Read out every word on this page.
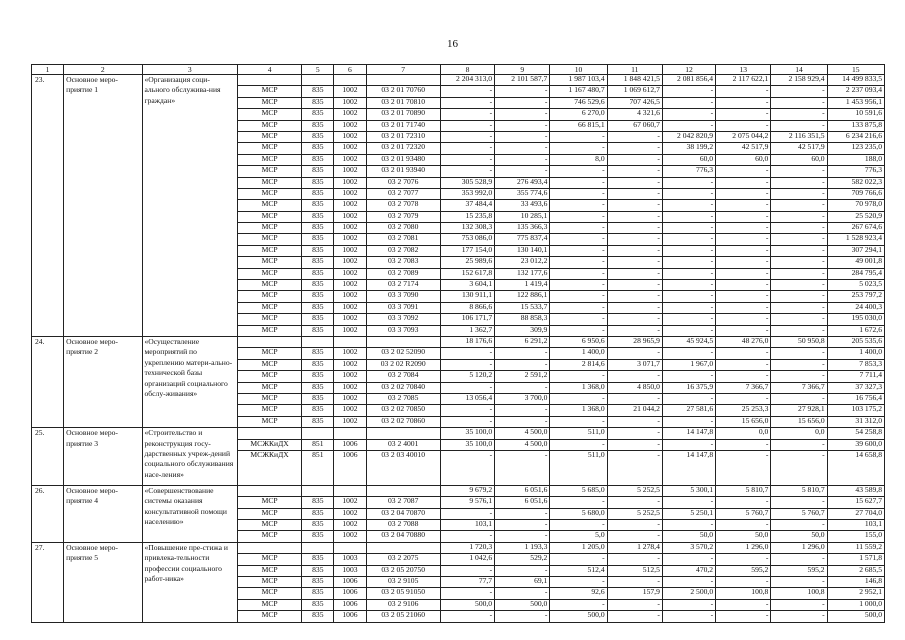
16
1	2	3	4	5	6	7	8	9	10	11	12	13	14	15
23.	Основное меро-приятие 1	«Организация соци-ального обслужива-ния граждан»					2 204 313,0	2 101 587,7	1 987 103,4	1 848 421,5	2 081 856,4	2 117 622,1	2 158 929,4	14 499 833,5
			МСР	835	1002	03 2 01 70760	-	-	1 167 480,7	1 069 612,7	-	-	-	2 237 093,4
			МСР	835	1002	03 2 01 70810	-	-	746 529,6	707 426,5	-	-	-	1 453 956,1
			МСР	835	1002	03 2 01 70890	-	-	6 270,0	4 321,6	-	-	-	10 591,6
			МСР	835	1002	03 2 01 71740	-	-	66 815,1	67 060,7	-	-	-	133 875,8
			МСР	835	1002	03 2 01 72310	-	-	-	-	2 042 820,9	2 075 044,2	2 116 351,5	6 234 216,6
			МСР	835	1002	03 2 01 72320	-	-	-	-	38 199,2	42 517,9	42 517,9	123 235,0
			МСР	835	1002	03 2 01 93480	-	-	8,0	-	60,0	60,0	60,0	188,0
			МСР	835	1002	03 2 01 93940	-	-	-	-	776,3	-	-	776,3
			МСР	835	1002	03 2 7076	305 528,9	276 493,4	-	-	-	-	-	582 022,3
			МСР	835	1002	03 2 7077	353 992,0	355 774,6	-	-	-	-	-	709 766,6
			МСР	835	1002	03 2 7078	37 484,4	33 493,6	-	-	-	-	-	70 978,0
			МСР	835	1002	03 2 7079	15 235,8	10 285,1	-	-	-	-	-	25 520,9
			МСР	835	1002	03 2 7080	132 308,3	135 366,3	-	-	-	-	-	267 674,6
			МСР	835	1002	03 2 7081	753 086,0	775 837,4	-	-	-	-	-	1 528 923,4
			МСР	835	1002	03 2 7082	177 154,0	130 140,1	-	-	-	-	-	307 294,1
			МСР	835	1002	03 2 7083	25 989,6	23 012,2	-	-	-	-	-	49 001,8
			МСР	835	1002	03 2 7089	152 617,8	132 177,6	-	-	-	-	-	284 795,4
			МСР	835	1002	03 2 7174	3 604,1	1 419,4	-	-	-	-	-	5 023,5
			МСР	835	1002	03 3 7090	130 911,1	122 886,1	-	-	-	-	-	253 797,2
			МСР	835	1002	03 3 7091	8 866,6	15 533,7	-	-	-	-	-	24 400,3
			МСР	835	1002	03 3 7092	106 171,7	88 858,3	-	-	-	-	-	195 030,0
			МСР	835	1002	03 3 7093	1 362,7	309,9	-	-	-	-	-	1 672,6
24.	Основное меро-приятие 2	«Осуществление мероприятий по укреплению матери-ально-технической базы организаций социального обслу-живания»					18 176,6	6 291,2	6 950,6	28 965,9	45 924,5	48 276,0	50 950,8	205 535,6
			МСР	835	1002	03 2 02 52090	-	-	1 400,0	-	-	-	-	1 400,0
			МСР	835	1002	03 2 02 R2090	-	-	2 814,6	3 071,7	1 967,0	-	-	7 853,3
			МСР	835	1002	03 2 7084	5 120,2	2 591,2	-	-	-	-	-	7 711,4
			МСР	835	1002	03 2 02 70840	-	-	1 368,0	4 850,0	16 375,9	7 366,7	7 366,7	37 327,3
			МСР	835	1002	03 2 7085	13 056,4	3 700,0	-	-	-	-	-	16 756,4
			МСР	835	1002	03 2 02 70850	-	-	1 368,0	21 044,2	27 581,6	25 253,3	27 928,1	103 175,2
			МСР	835	1002	03 2 02 70860	-	-	-	-	-	15 656,0	15 656,0	31 312,0
25.	Основное меро-приятие 3	«Строительство и реконструкция госу-дарственных учреж-дений социального обслуживания насе-ления»					35 100,0	4 500,0	511,0	-	14 147,8	0,0	0,0	54 258,8
			МСЖКиДХ	851	1006	03 2 4001	35 100,0	4 500,0	-	-	-	-	-	39 600,0
			МСЖКиДХ	851	1006	03 2 03 40010	-	-	511,0	-	14 147,8	-	-	14 658,8
26.	Основное меро-приятие 4	«Совершенствование системы оказания консультативной помощи населению»					9 679,2	6 051,6	5 685,0	5 252,5	5 300,1	5 810,7	5 810,7	43 589,8
			МСР	835	1002	03 2 7087	9 576,1	6 051,6	-	-	-	-	-	15 627,7
			МСР	835	1002	03 2 04 70870	-	-	5 680,0	5 252,5	5 250,1	5 760,7	5 760,7	27 704,0
			МСР	835	1002	03 2 7088	103,1	-	-	-	-	-	-	103,1
			МСР	835	1002	03 2 04 70880	-	-	5,0	-	50,0	50,0	50,0	155,0
27.	Основное меро-приятие 5	«Повышение пре-стижа и привлека-тельности профессии социального работ-ника»					1 720,3	1 193,3	1 205,0	1 278,4	3 570,2	1 296,0	1 296,0	11 559,2
			МСР	835	1003	03 2 2075	1 042,6	529,2	-	-	-	-	-	1 571,8
			МСР	835	1003	03 2 05 20750	-	-	512,4	512,5	470,2	595,2	595,2	2 685,5
			МСР	835	1006	03 2 9105	77,7	69,1	-	-	-	-	-	146,8
			МСР	835	1006	03 2 05 91050	-	-	92,6	157,9	2 500,0	100,8	100,8	2 952,1
			МСР	835	1006	03 2 9106	500,0	500,0	-	-	-	-	-	1 000,0
			МСР	835	1006	03 2 05 21060	-	-	500,0	-	-	-	-	500,0
